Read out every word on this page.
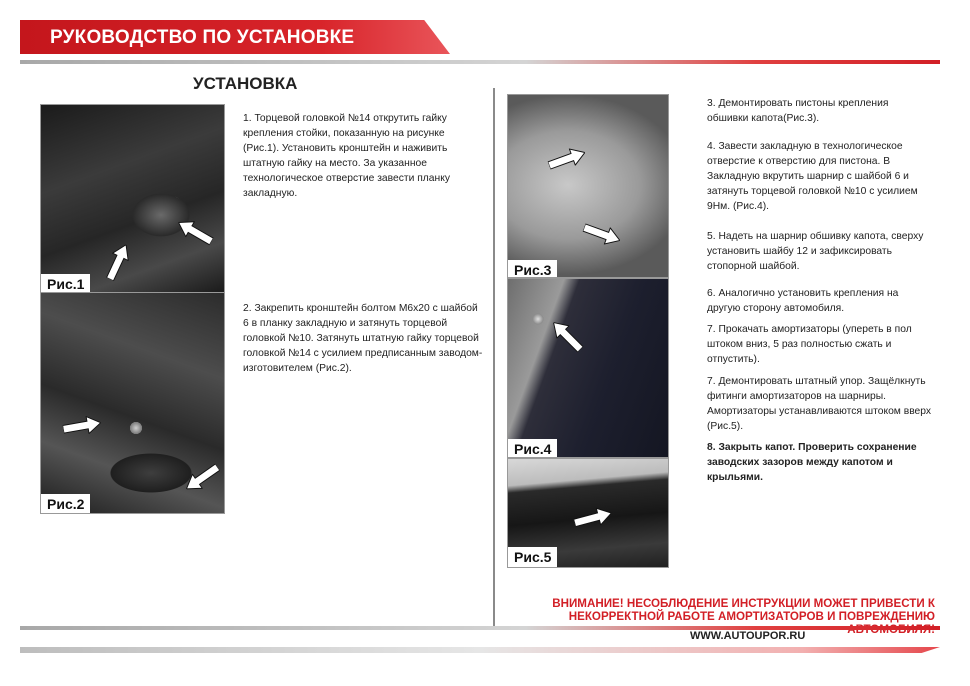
РУКОВОДСТВО ПО УСТАНОВКЕ
УСТАНОВКА
Рис.1
Рис.2
1. Торцевой головкой №14 открутить гайку крепления стойки, показанную на рисунке (Рис.1). Установить кронштейн и наживить штатную гайку на место. За указанное технологическое отверстие завести планку закладную.
2. Закрепить кронштейн болтом М6х20 с шайбой 6 в планку закладную и затянуть торцевой головкой №10. Затянуть штатную гайку торцевой головкой №14 с усилием предписанным заводом-изготовителем (Рис.2).
Рис.3
Рис.4
Рис.5
3. Демонтировать пистоны крепления обшивки капота(Рис.3).
4. Завести закладную в технологическое отверстие к отверстию для пистона. В Закладную вкрутить шарнир с шайбой 6 и затянуть торцевой головкой №10 с усилием 9Нм. (Рис.4).
5. Надеть на шарнир обшивку капота, сверху установить шайбу 12 и зафиксировать стопорной шайбой.
6. Аналогично установить крепления на другую сторону автомобиля.
7. Прокачать амортизаторы (упереть в пол штоком вниз, 5 раз полностью сжать и отпустить).
7. Демонтировать штатный упор. Защёлкнуть фитинги амортизаторов на шарниры. Амортизаторы устанавливаются штоком вверх (Рис.5).
8. Закрыть капот. Проверить сохранение заводских зазоров между капотом и крыльями.
ВНИМАНИЕ! НЕСОБЛЮДЕНИЕ ИНСТРУКЦИИ МОЖЕТ ПРИВЕСТИ К
НЕКОРРЕКТНОЙ РАБОТЕ АМОРТИЗАТОРОВ И ПОВРЕЖДЕНИЮ
WWW.AUTOUPOR.RU
